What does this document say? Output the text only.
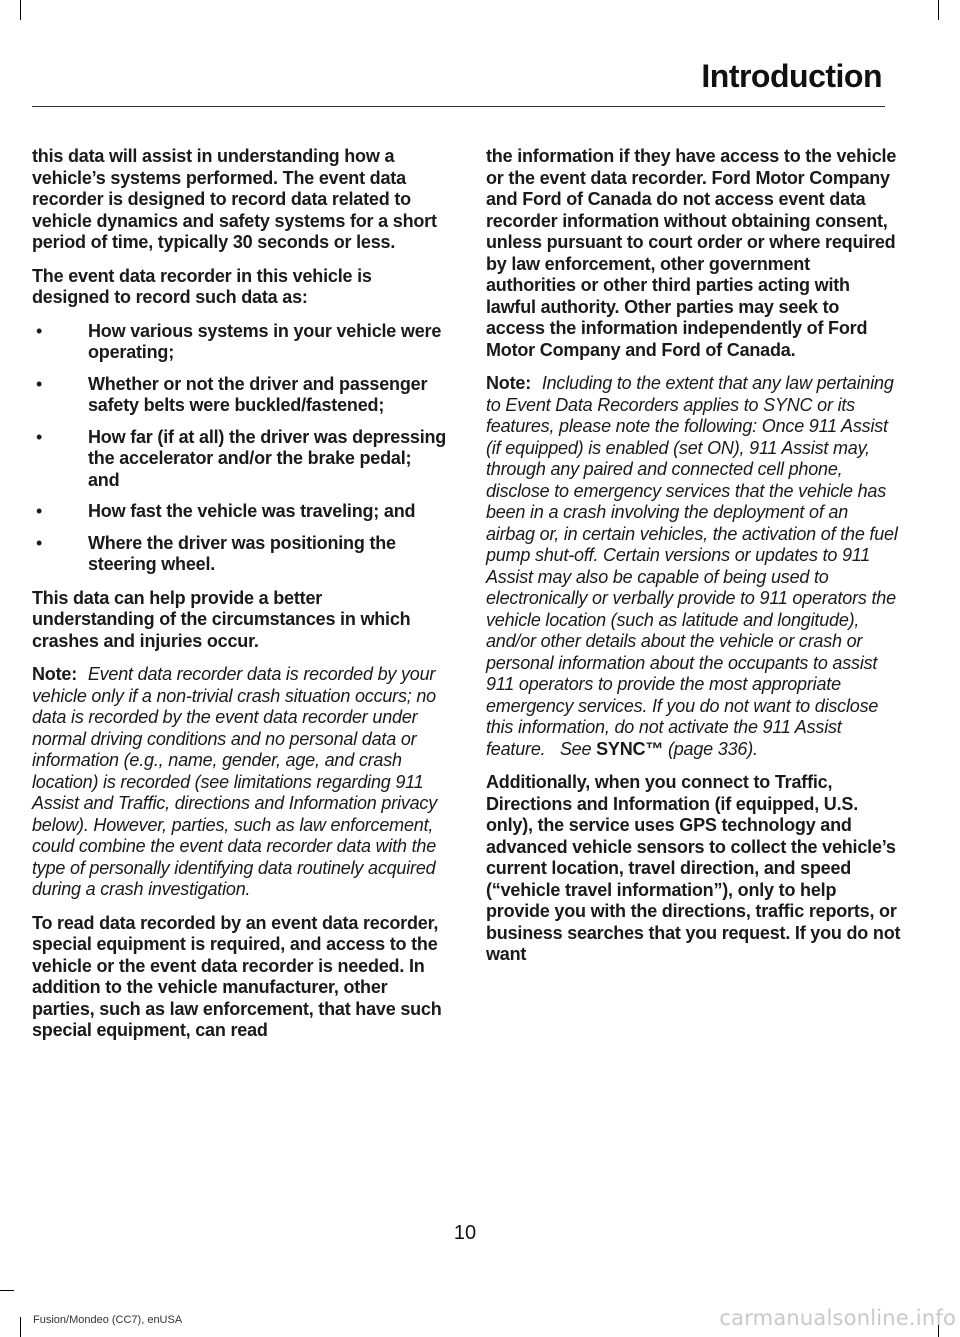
Introduction

this data will assist in understanding how a vehicle’s systems performed. The event data recorder is designed to record data related to vehicle dynamics and safety systems for a short period of time, typically 30 seconds or less.

The event data recorder in this vehicle is designed to record such data as:

•	How various systems in your vehicle were operating;
•	Whether or not the driver and passenger safety belts were buckled/fastened;
•	How far (if at all) the driver was depressing the accelerator and/or the brake pedal; and
•	How fast the vehicle was traveling; and
•	Where the driver was positioning the steering wheel.

This data can help provide a better understanding of the circumstances in which crashes and injuries occur.

Note: Event data recorder data is recorded by your vehicle only if a non-trivial crash situation occurs; no data is recorded by the event data recorder under normal driving conditions and no personal data or information (e.g., name, gender, age, and crash location) is recorded (see limitations regarding 911 Assist and Traffic, directions and Information privacy below). However, parties, such as law enforcement, could combine the event data recorder data with the type of personally identifying data routinely acquired during a crash investigation.

To read data recorded by an event data recorder, special equipment is required, and access to the vehicle or the event data recorder is needed. In addition to the vehicle manufacturer, other parties, such as law enforcement, that have such special equipment, can read

the information if they have access to the vehicle or the event data recorder. Ford Motor Company and Ford of Canada do not access event data recorder information without obtaining consent, unless pursuant to court order or where required by law enforcement, other government authorities or other third parties acting with lawful authority. Other parties may seek to access the information independently of Ford Motor Company and Ford of Canada.

Note: Including to the extent that any law pertaining to Event Data Recorders applies to SYNC or its features, please note the following: Once 911 Assist (if equipped) is enabled (set ON), 911 Assist may, through any paired and connected cell phone, disclose to emergency services that the vehicle has been in a crash involving the deployment of an airbag or, in certain vehicles, the activation of the fuel pump shut-off. Certain versions or updates to 911 Assist may also be capable of being used to electronically or verbally provide to 911 operators the vehicle location (such as latitude and longitude), and/or other details about the vehicle or crash or personal information about the occupants to assist 911 operators to provide the most appropriate emergency services. If you do not want to disclose this information, do not activate the 911 Assist feature. See SYNC™ (page 336).

Additionally, when you connect to Traffic, Directions and Information (if equipped, U.S. only), the service uses GPS technology and advanced vehicle sensors to collect the vehicle’s current location, travel direction, and speed (“vehicle travel information”), only to help provide you with the directions, traffic reports, or business searches that you request. If you do not want

10
Fusion/Mondeo (CC7), enUSA	carmanualsonline.info
